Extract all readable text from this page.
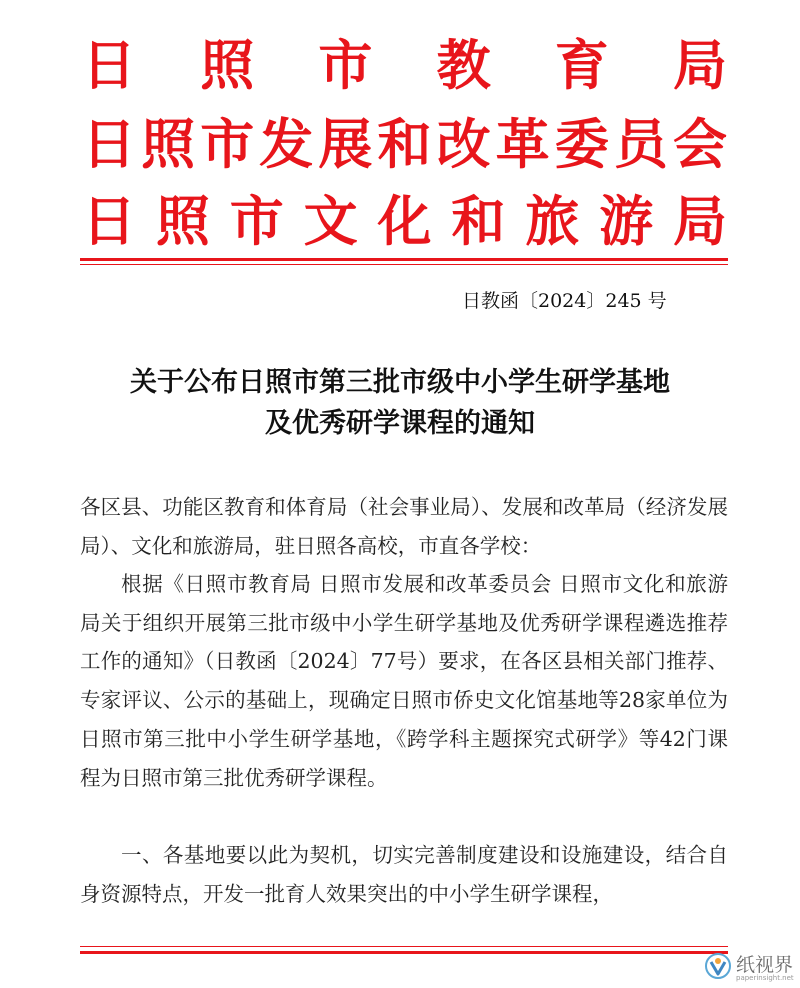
日 照 市 教 育 局
日 照 市 发 展 和 改 革 委 员 会
日 照 市 文 化 和 旅 游 局
日教函〔2024〕245 号
关于公布日照市第三批市级中小学生研学基地
及优秀研学课程的通知

各区县、功能区教育和体育局（社会事业局）、发展和改革局（经济发展局）、文化和旅游局，驻日照各高校，市直各学校：

根据《日照市教育局 日照市发展和改革委员会 日照市文化和旅游局关于组织开展第三批市级中小学生研学基地及优秀研学课程遴选推荐工作的通知》（日教函〔2024〕77号）要求，在各区县相关部门推荐、专家评议、公示的基础上，现确定日照市侨史文化馆基地等28家单位为日照市第三批中小学生研学基地，《跨学科主题探究式研学》等42门课程为日照市第三批优秀研学课程。

一、各基地要以此为契机，切实完善制度建设和设施建设，结合自身资源特点，开发一批育人效果突出的中小学生研学课程，

纸视界
paperinsight.net
